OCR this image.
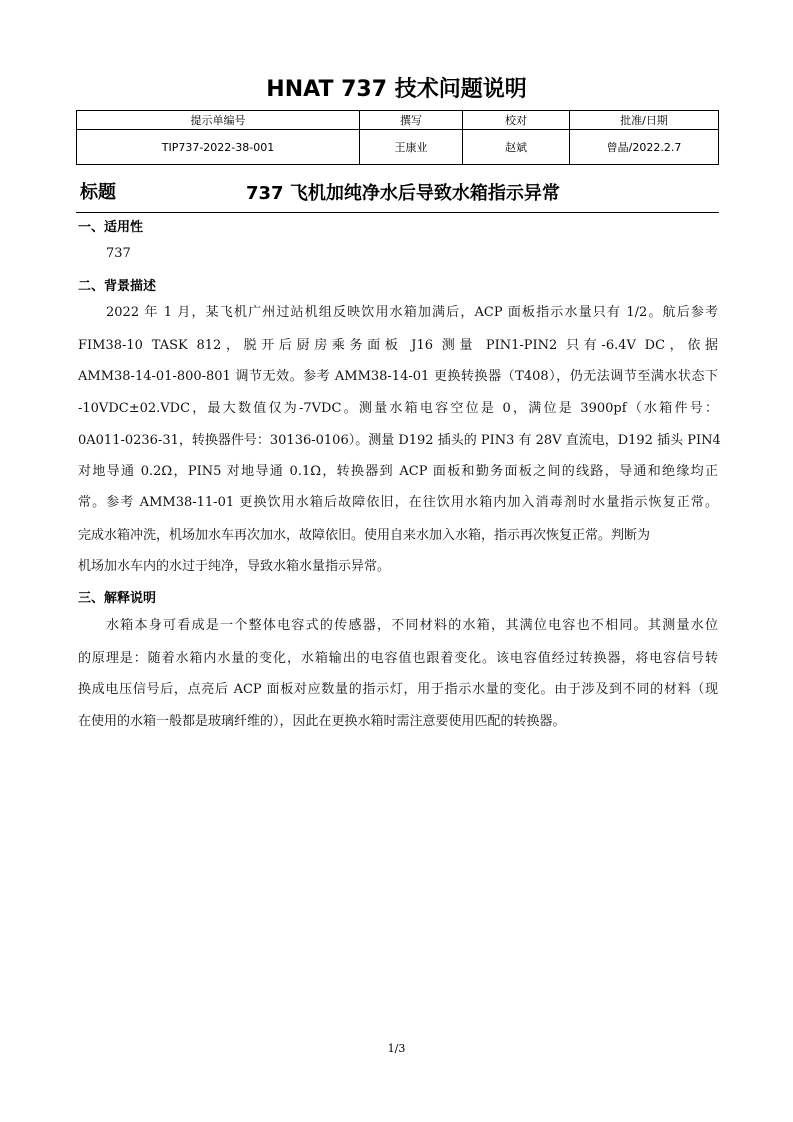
HNAT 737 技术问题说明
提示单编号	撰写	校对	批准/日期
TIP737-2022-38-001	王康业	赵斌	曾晶/2022.2.7
标题	737 飞机加纯净水后导致水箱指示异常
一、适用性
737
二、背景描述
2022 年 1 月，某飞机广州过站机组反映饮用水箱加满后，ACP 面板指示水量只有 1/2。航后参考
FIM38-10 TASK 812，脱开后厨房乘务面板 J16 测量 PIN1-PIN2 只有-6.4V DC，依据
AMM38-14-01-800-801 调节无效。参考 AMM38-14-01 更换转换器（T408），仍无法调节至满水状态下
-10VDC±02.VDC，最大数值仅为-7VDC。测量水箱电容空位是 0，满位是 3900pf（水箱件号：
0A011-0236-31，转换器件号：30136-0106）。测量 D192 插头的 PIN3 有 28V 直流电，D192 插头 PIN4
对地导通 0.2Ω，PIN5 对地导通 0.1Ω，转换器到 ACP 面板和勤务面板之间的线路，导通和绝缘均正
常。参考 AMM38-11-01 更换饮用水箱后故障依旧，在往饮用水箱内加入消毒剂时水量指示恢复正常。
完成水箱冲洗，机场加水车再次加水，故障依旧。使用自来水加入水箱，指示再次恢复正常。判断为
机场加水车内的水过于纯净，导致水箱水量指示异常。
三、解释说明
水箱本身可看成是一个整体电容式的传感器，不同材料的水箱，其满位电容也不相同。其测量水位
的原理是：随着水箱内水量的变化，水箱输出的电容值也跟着变化。该电容值经过转换器，将电容信号转
换成电压信号后，点亮后 ACP 面板对应数量的指示灯，用于指示水量的变化。由于涉及到不同的材料（现
在使用的水箱一般都是玻璃纤维的），因此在更换水箱时需注意要使用匹配的转换器。
1/3
